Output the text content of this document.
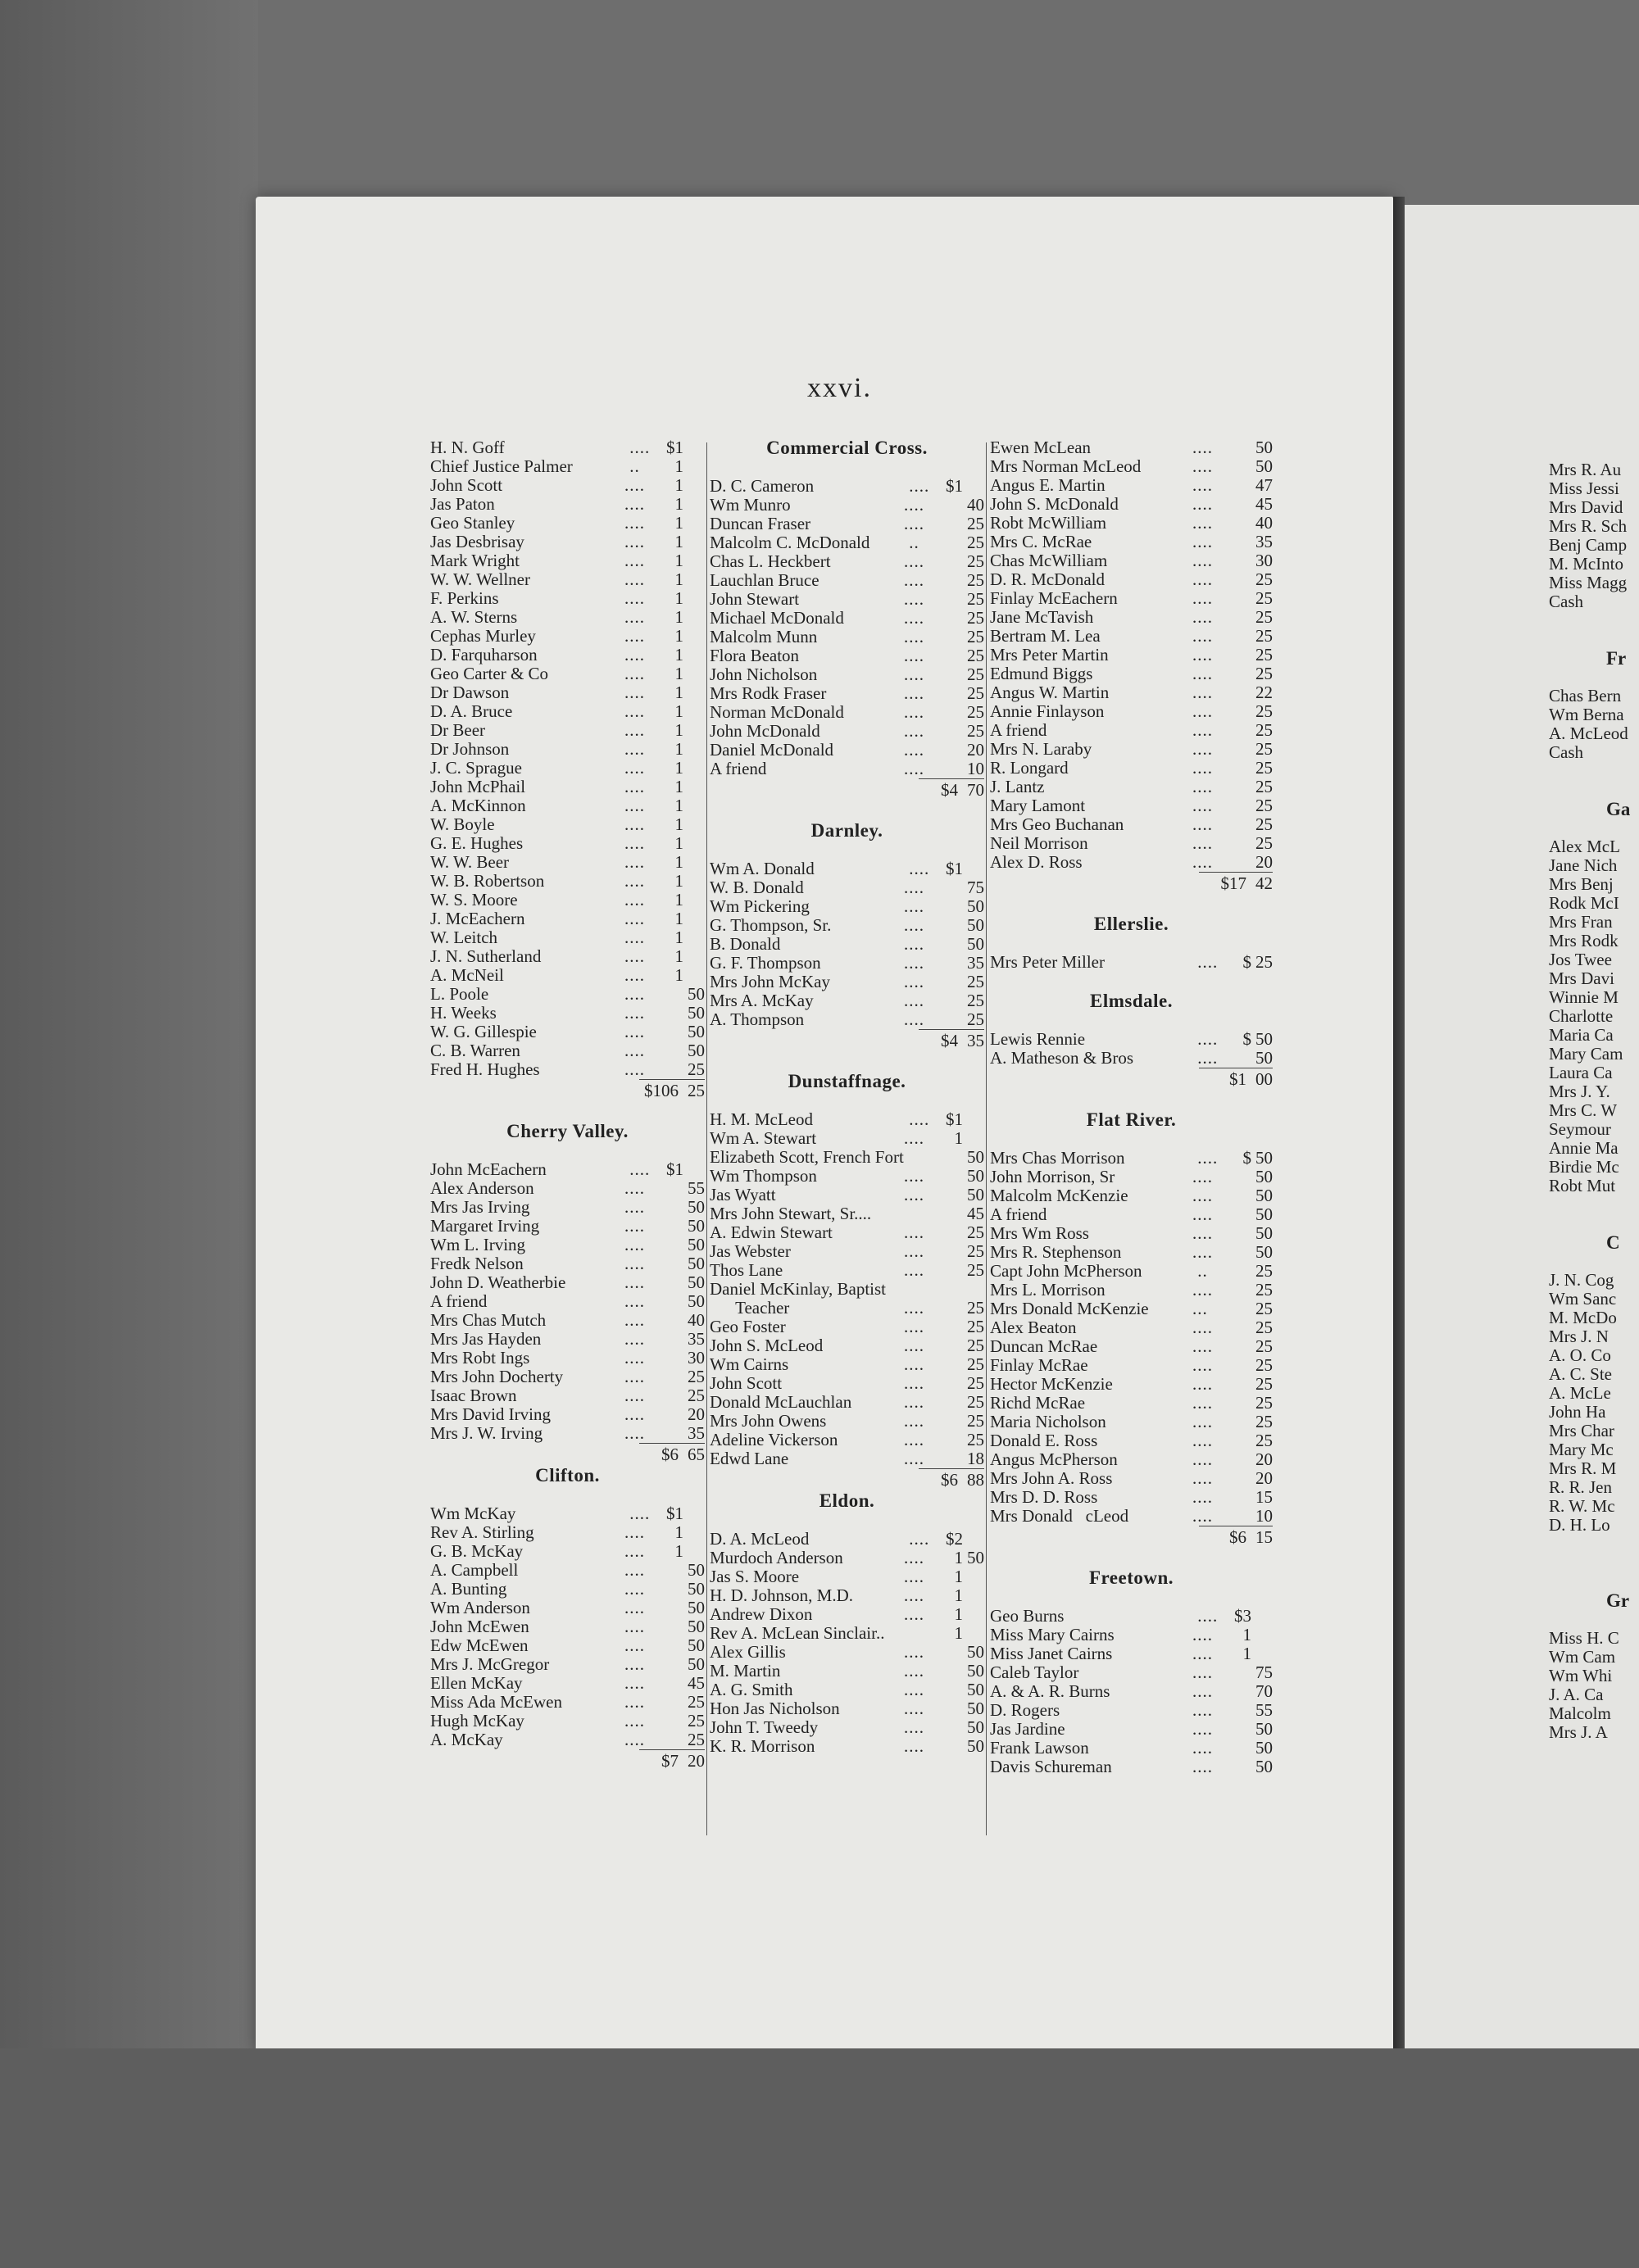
xxvi.
H. N. Goff	.... $1
Chief Justice Palmer	..	1
John Scott	....	1
Jas Paton	....	1
Geo Stanley	....	1
Jas Desbrisay	....	1
Mark Wright	....	1
W. W. Wellner	....	1
F. Perkins	....	1
A. W. Sterns	....	1
Cephas Murley	....	1
D. Farquharson	....	1
Geo Carter & Co	....	1
Dr Dawson	....	1
D. A. Bruce	....	1
Dr Beer	....	1
Dr Johnson	....	1
J. C. Sprague	....	1
John McPhail	....	1
A. McKinnon	....	1
W. Boyle	....	1
G. E. Hughes	....	1
W. W. Beer	....	1
W. B. Robertson	....	1
W. S. Moore	....	1
J. McEachern	....	1
W. Leitch	....	1
J. N. Sutherland	....	1
A. McNeil	....	1
L. Poole	....	50
H. Weeks	....	50
W. G. Gillespie	....	50
C. B. Warren	....	50
Fred H. Hughes	....	25
$106 25
Cherry Valley.
John McEachern	.... $1
Alex Anderson	....	55
Mrs Jas Irving	....	50
Margaret Irving	....	50
Wm L. Irving	....	50
Fredk Nelson	....	50
John D. Weatherbie	....	50
A friend	....	50
Mrs Chas Mutch	....	40
Mrs Jas Hayden	....	35
Mrs Robt Ings	....	30
Mrs John Docherty	....	25
Isaac Brown	....	25
Mrs David Irving	....	20
Mrs J. W. Irving	....	35
$6 65
Clifton.
Wm McKay	.... $1
Rev A. Stirling	....	1
G. B. McKay	....	1
A. Campbell	....	50
A. Bunting	....	50
Wm Anderson	....	50
John McEwen	....	50
Edw McEwen	....	50
Mrs J. McGregor	....	50
Ellen McKay	....	45
Miss Ada McEwen	....	25
Hugh McKay	....	25
A. McKay	....	25
$7 20
Commercial Cross.
D. C. Cameron	.... $1
Wm Munro	....	40
Duncan Fraser	....	25
Malcolm C. McDonald	..	25
Chas L. Heckbert	....	25
Lauchlan Bruce	....	25
John Stewart	....	25
Michael McDonald	....	25
Malcolm Munn	....	25
Flora Beaton	....	25
John Nicholson	....	25
Mrs Rodk Fraser	....	25
Norman McDonald	....	25
John McDonald	....	25
Daniel McDonald	....	20
A friend	....	10
$4 70
Darnley.
Wm A. Donald	.... $1
W. B. Donald	....	75
Wm Pickering	....	50
G. Thompson, Sr.	....	50
B. Donald	....	50
G. F. Thompson	....	35
Mrs John McKay	....	25
Mrs A. McKay	....	25
A. Thompson	....	25
$4 35
Dunstaffnage.
H. M. McLeod	.... $1
Wm A. Stewart	....	1
Elizabeth Scott, French Fort	50
Wm Thompson	....	50
Jas Wyatt	....	50
Mrs John Stewart, Sr....	45
A. Edwin Stewart	....	25
Jas Webster	....	25
Thos Lane	....	25
Daniel McKinlay, Baptist
Teacher	....	25
Geo Foster	....	25
John S. McLeod	....	25
Wm Cairns	....	25
John Scott	....	25
Donald McLauchlan	....	25
Mrs John Owens	....	25
Adeline Vickerson	....	25
Edwd Lane	....	18
$6 88
Eldon.
D. A. McLeod	.... $2
Murdoch Anderson	....	1 50
Jas S. Moore	....	1
H. D. Johnson, M.D.	....	1
Andrew Dixon	....	1
Rev A. McLean Sinclair..	1
Alex Gillis	....	50
M. Martin	....	50
A. G. Smith	....	50
Hon Jas Nicholson	....	50
John T. Tweedy	....	50
K. R. Morrison	....	50
Ewen McLean	....	50
Mrs Norman McLeod	....	50
Angus E. Martin	....	47
John S. McDonald	....	45
Robt McWilliam	....	40
Mrs C. McRae	....	35
Chas McWilliam	....	30
D. R. McDonald	....	25
Finlay McEachern	....	25
Jane McTavish	....	25
Bertram M. Lea	....	25
Mrs Peter Martin	....	25
Edmund Biggs	....	25
Angus W. Martin	....	22
Annie Finlayson	....	25
A friend	....	25
Mrs N. Laraby	....	25
R. Longard	....	25
J. Lantz	....	25
Mary Lamont	....	25
Mrs Geo Buchanan	....	25
Neil Morrison	....	25
Alex D. Ross	....	20
$17 42
Ellerslie.
Mrs Peter Miller	....	$ 25
Elmsdale.
Lewis Rennie	....	$ 50
A. Matheson & Bros	....	50
$1 00
Flat River.
Mrs Chas Morrison	....	$ 50
John Morrison, Sr	....	50
Malcolm McKenzie	....	50
A friend	....	50
Mrs Wm Ross	....	50
Mrs R. Stephenson	....	50
Capt John McPherson	..	25
Mrs L. Morrison	....	25
Mrs Donald McKenzie	...	25
Alex Beaton	....	25
Duncan McRae	....	25
Finlay McRae	....	25
Hector McKenzie	....	25
Richd McRae	....	25
Maria Nicholson	....	25
Donald E. Ross	....	25
Angus McPherson	....	20
Mrs John A. Ross	....	20
Mrs D. D. Ross	....	15
Mrs Donald   cLeod	....	10
$6 15
Freetown.
Geo Burns	.... $3
Miss Mary Cairns	....	1
Miss Janet Cairns	....	1
Caleb Taylor	....	75
A. & A. R. Burns	....	70
D. Rogers	....	55
Jas Jardine	....	50
Frank Lawson	....	50
Davis Schureman	....	50
Mrs R. Au
Miss Jessi
Mrs David
Mrs R. Sch
Benj Camp
M. McInto
Miss Magg
Cash
Fr
Chas Bern
Wm Berna
A. McLeod
Cash
Ga
Alex McL
Jane Nich
Mrs Benj
Rodk McI
Mrs Fran
Mrs Rodk
Jos Twee
Mrs Davi
Winnie M
Charlotte
Maria Ca
Mary Cam
Laura Ca
Mrs J. Y.
Mrs C. W
Seymour
Annie Ma
Birdie Mc
Robt Mut
C
J. N. Cog
Wm Sanc
M. McDo
Mrs J. N
A. O. Co
A. C. Ste
A. McLe
John Ha
Mrs Char
Mary Mc
Mrs R. M
R. R. Jen
R. W. Mc
D. H. Lo
Gr
Miss H. C
Wm Cam
Wm Whi
J. A. Ca
Malcolm
Mrs J. A
